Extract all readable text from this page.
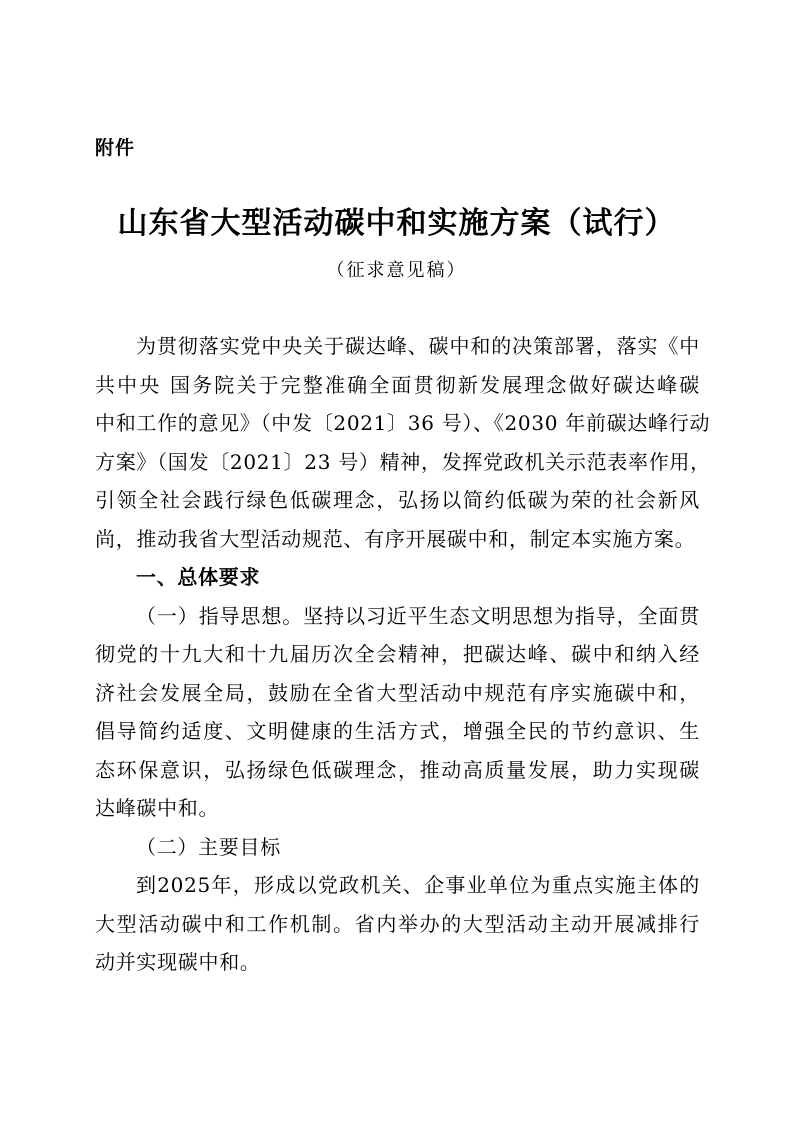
附件
山东省大型活动碳中和实施方案（试行）
（征求意见稿）
为贯彻落实党中央关于碳达峰、碳中和的决策部署，落实《中
共中央 国务院关于完整准确全面贯彻新发展理念做好碳达峰碳
中和工作的意见》（中发〔2021〕36 号）、《2030 年前碳达峰行动
方案》（国发〔2021〕23 号）精神，发挥党政机关示范表率作用，
引领全社会践行绿色低碳理念，弘扬以简约低碳为荣的社会新风
尚，推动我省大型活动规范、有序开展碳中和，制定本实施方案。
一、总体要求
（一）指导思想。坚持以习近平生态文明思想为指导，全面贯
彻党的十九大和十九届历次全会精神，把碳达峰、碳中和纳入经
济社会发展全局，鼓励在全省大型活动中规范有序实施碳中和，
倡导简约适度、文明健康的生活方式，增强全民的节约意识、生
态环保意识，弘扬绿色低碳理念，推动高质量发展，助力实现碳
达峰碳中和。
（二）主要目标
到2025年，形成以党政机关、企事业单位为重点实施主体的
大型活动碳中和工作机制。省内举办的大型活动主动开展减排行
动并实现碳中和。
